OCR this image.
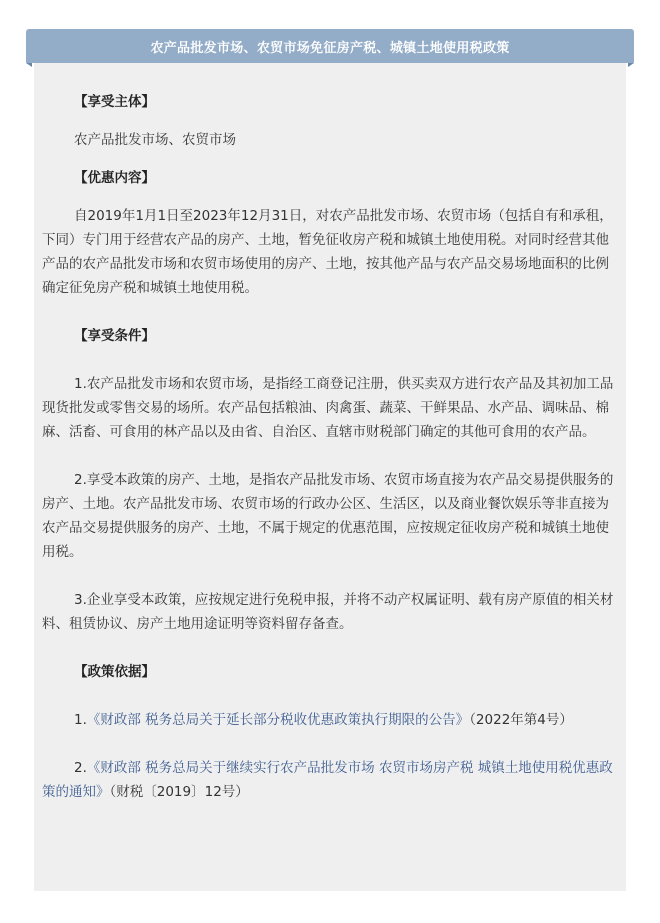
农产品批发市场、农贸市场免征房产税、城镇土地使用税政策

【享受主体】

农产品批发市场、农贸市场

【优惠内容】

自2019年1月1日至2023年12月31日，对农产品批发市场、农贸市场（包括自有和承租，下同）专门用于经营农产品的房产、土地，暂免征收房产税和城镇土地使用税。对同时经营其他产品的农产品批发市场和农贸市场使用的房产、土地，按其他产品与农产品交易场地面积的比例确定征免房产税和城镇土地使用税。

【享受条件】

1.农产品批发市场和农贸市场，是指经工商登记注册，供买卖双方进行农产品及其初加工品现货批发或零售交易的场所。农产品包括粮油、肉禽蛋、蔬菜、干鲜果品、水产品、调味品、棉麻、活畜、可食用的林产品以及由省、自治区、直辖市财税部门确定的其他可食用的农产品。

2.享受本政策的房产、土地，是指农产品批发市场、农贸市场直接为农产品交易提供服务的房产、土地。农产品批发市场、农贸市场的行政办公区、生活区，以及商业餐饮娱乐等非直接为农产品交易提供服务的房产、土地，不属于规定的优惠范围，应按规定征收房产税和城镇土地使用税。

3.企业享受本政策，应按规定进行免税申报，并将不动产权属证明、载有房产原值的相关材料、租赁协议、房产土地用途证明等资料留存备查。

【政策依据】

1.《财政部 税务总局关于延长部分税收优惠政策执行期限的公告》（2022年第4号）

2.《财政部 税务总局关于继续实行农产品批发市场 农贸市场房产税 城镇土地使用税优惠政策的通知》（财税〔2019〕12号）
